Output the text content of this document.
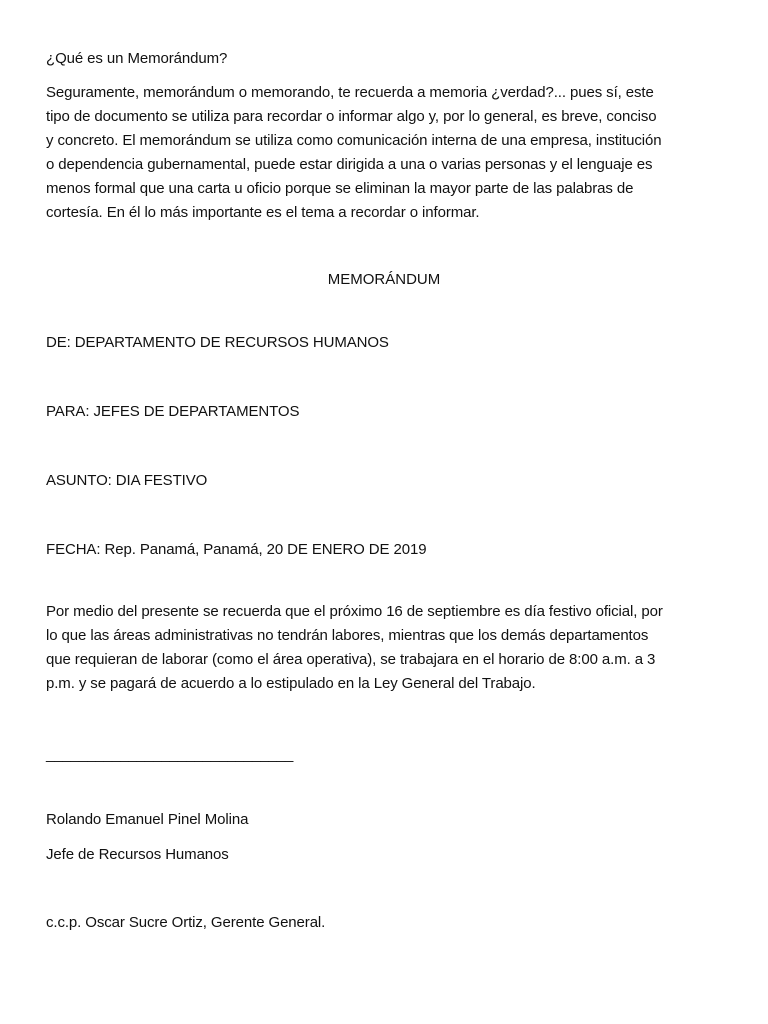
¿Qué es un Memorándum?
Seguramente, memorándum o memorando, te recuerda a memoria ¿verdad?... pues sí, este
tipo de documento se utiliza para recordar o informar algo y, por lo general, es breve, conciso
y concreto. El memorándum se utiliza como comunicación interna de una empresa, institución
o dependencia gubernamental, puede estar dirigida a una o varias personas y el lenguaje es
menos formal que una carta u oficio porque se eliminan la mayor parte de las palabras de
cortesía. En él lo más importante es el tema a recordar o informar.
MEMORÁNDUM
DE: DEPARTAMENTO DE RECURSOS HUMANOS
PARA: JEFES DE DEPARTAMENTOS
ASUNTO: DIA FESTIVO
FECHA: Rep. Panamá, Panamá, 20 DE ENERO DE 2019
Por medio del presente se recuerda que el próximo 16 de septiembre es día festivo oficial, por
lo que las áreas administrativas no tendrán labores, mientras que los demás departamentos
que requieran de laborar (como el área operativa), se trabajara en el horario de 8:00 a.m. a 3
p.m. y se pagará de acuerdo a lo estipulado en la Ley General del Trabajo.
______________________________
Rolando Emanuel Pinel Molina
Jefe de Recursos Humanos
c.c.p. Oscar Sucre Ortiz, Gerente General.
